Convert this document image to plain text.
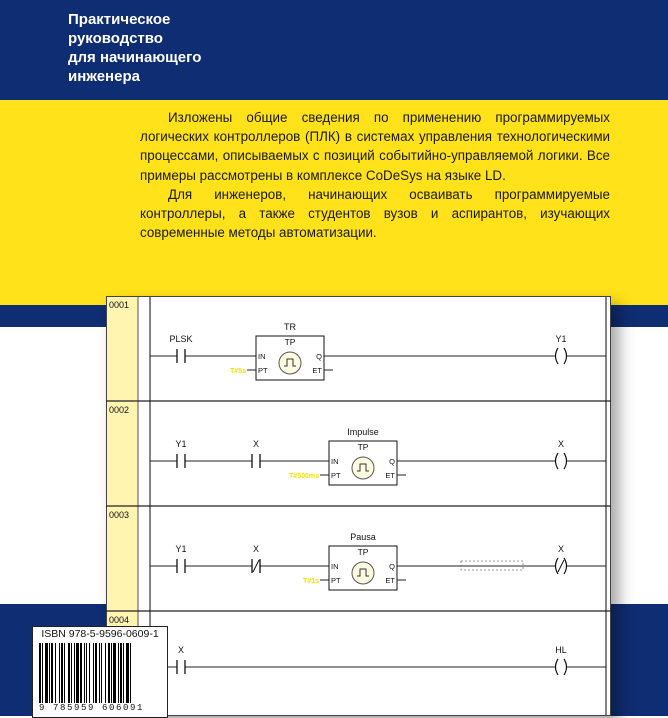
Практическое
руководство
для начинающего
инженера

Изложены общие сведения по применению программируемых логических контроллеров (ПЛК) в системах управления технологическими процессами, описываемых с позиций событийно-управляемой логики. Все примеры рассмотрены в комплексе CoDeSys на языке LD.

Для инженеров, начинающих осваивать программируемые контроллеры, а также студентов вузов и аспирантов, изучающих современные методы автоматизации.

0001
PLSK
TR
TP
IN
PT
Q
ET
T#5s
Y1
0002
Y1	X
Impulse
TP
IN
PT
Q
ET
T#500ms
X
0003
Y1	X
Pausa
TP
IN
PT
Q
ET
T#1s
X
0004
X	HL
ISBN 978-5-9596-0609-1
9 785959 606091
